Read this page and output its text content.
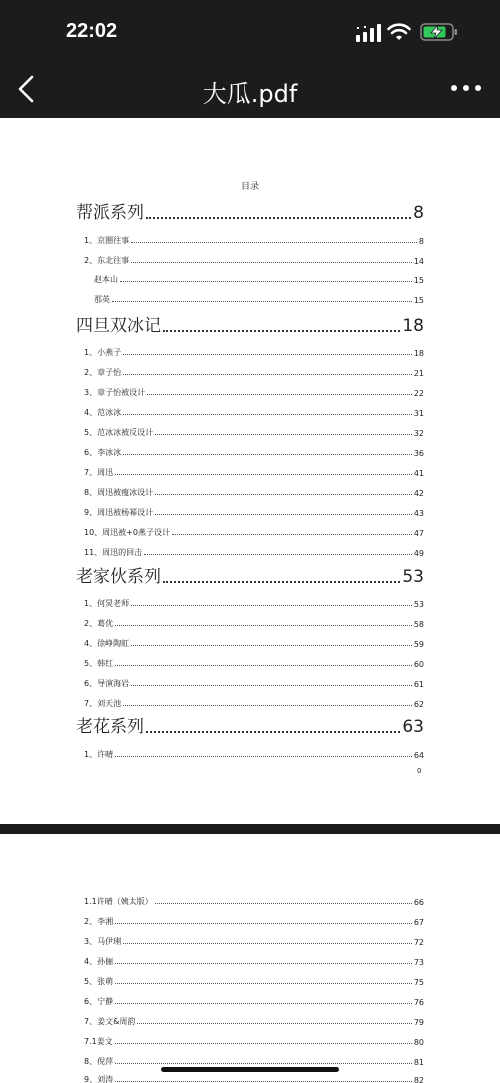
22:02
大瓜.pdf
目录
帮派系列	8
1、京圈往事	8
2、东北往事	14
赵本山	15
那英	15
四旦双冰记	18
1、小燕子	18
2、章子怡	21
3、章子怡被设计	22
4、范冰冰	31
5、范冰冰被反设计	32
6、李冰冰	36
7、周迅	41
8、周迅被瘦冰设计	42
9、周迅被杨幂设计	43
10、周迅被+0燕子设计	47
11、周迅的回击	49
老家伙系列	53
1、何炅老师	53
2、葛优	58
4、徐峥陶虹	59
5、韩红	60
6、导演海岩	61
7、刘天池	62
老花系列	63
1、许晴	64
0
1.1许晴（姨太版）	66
2、李湘	67
3、马伊琍	72
4、孙俪	73
5、张萌	75
6、宁静	76
7、姜文&周韵	79
7.1姜文	80
8、倪萍	81
9、刘涛	82
